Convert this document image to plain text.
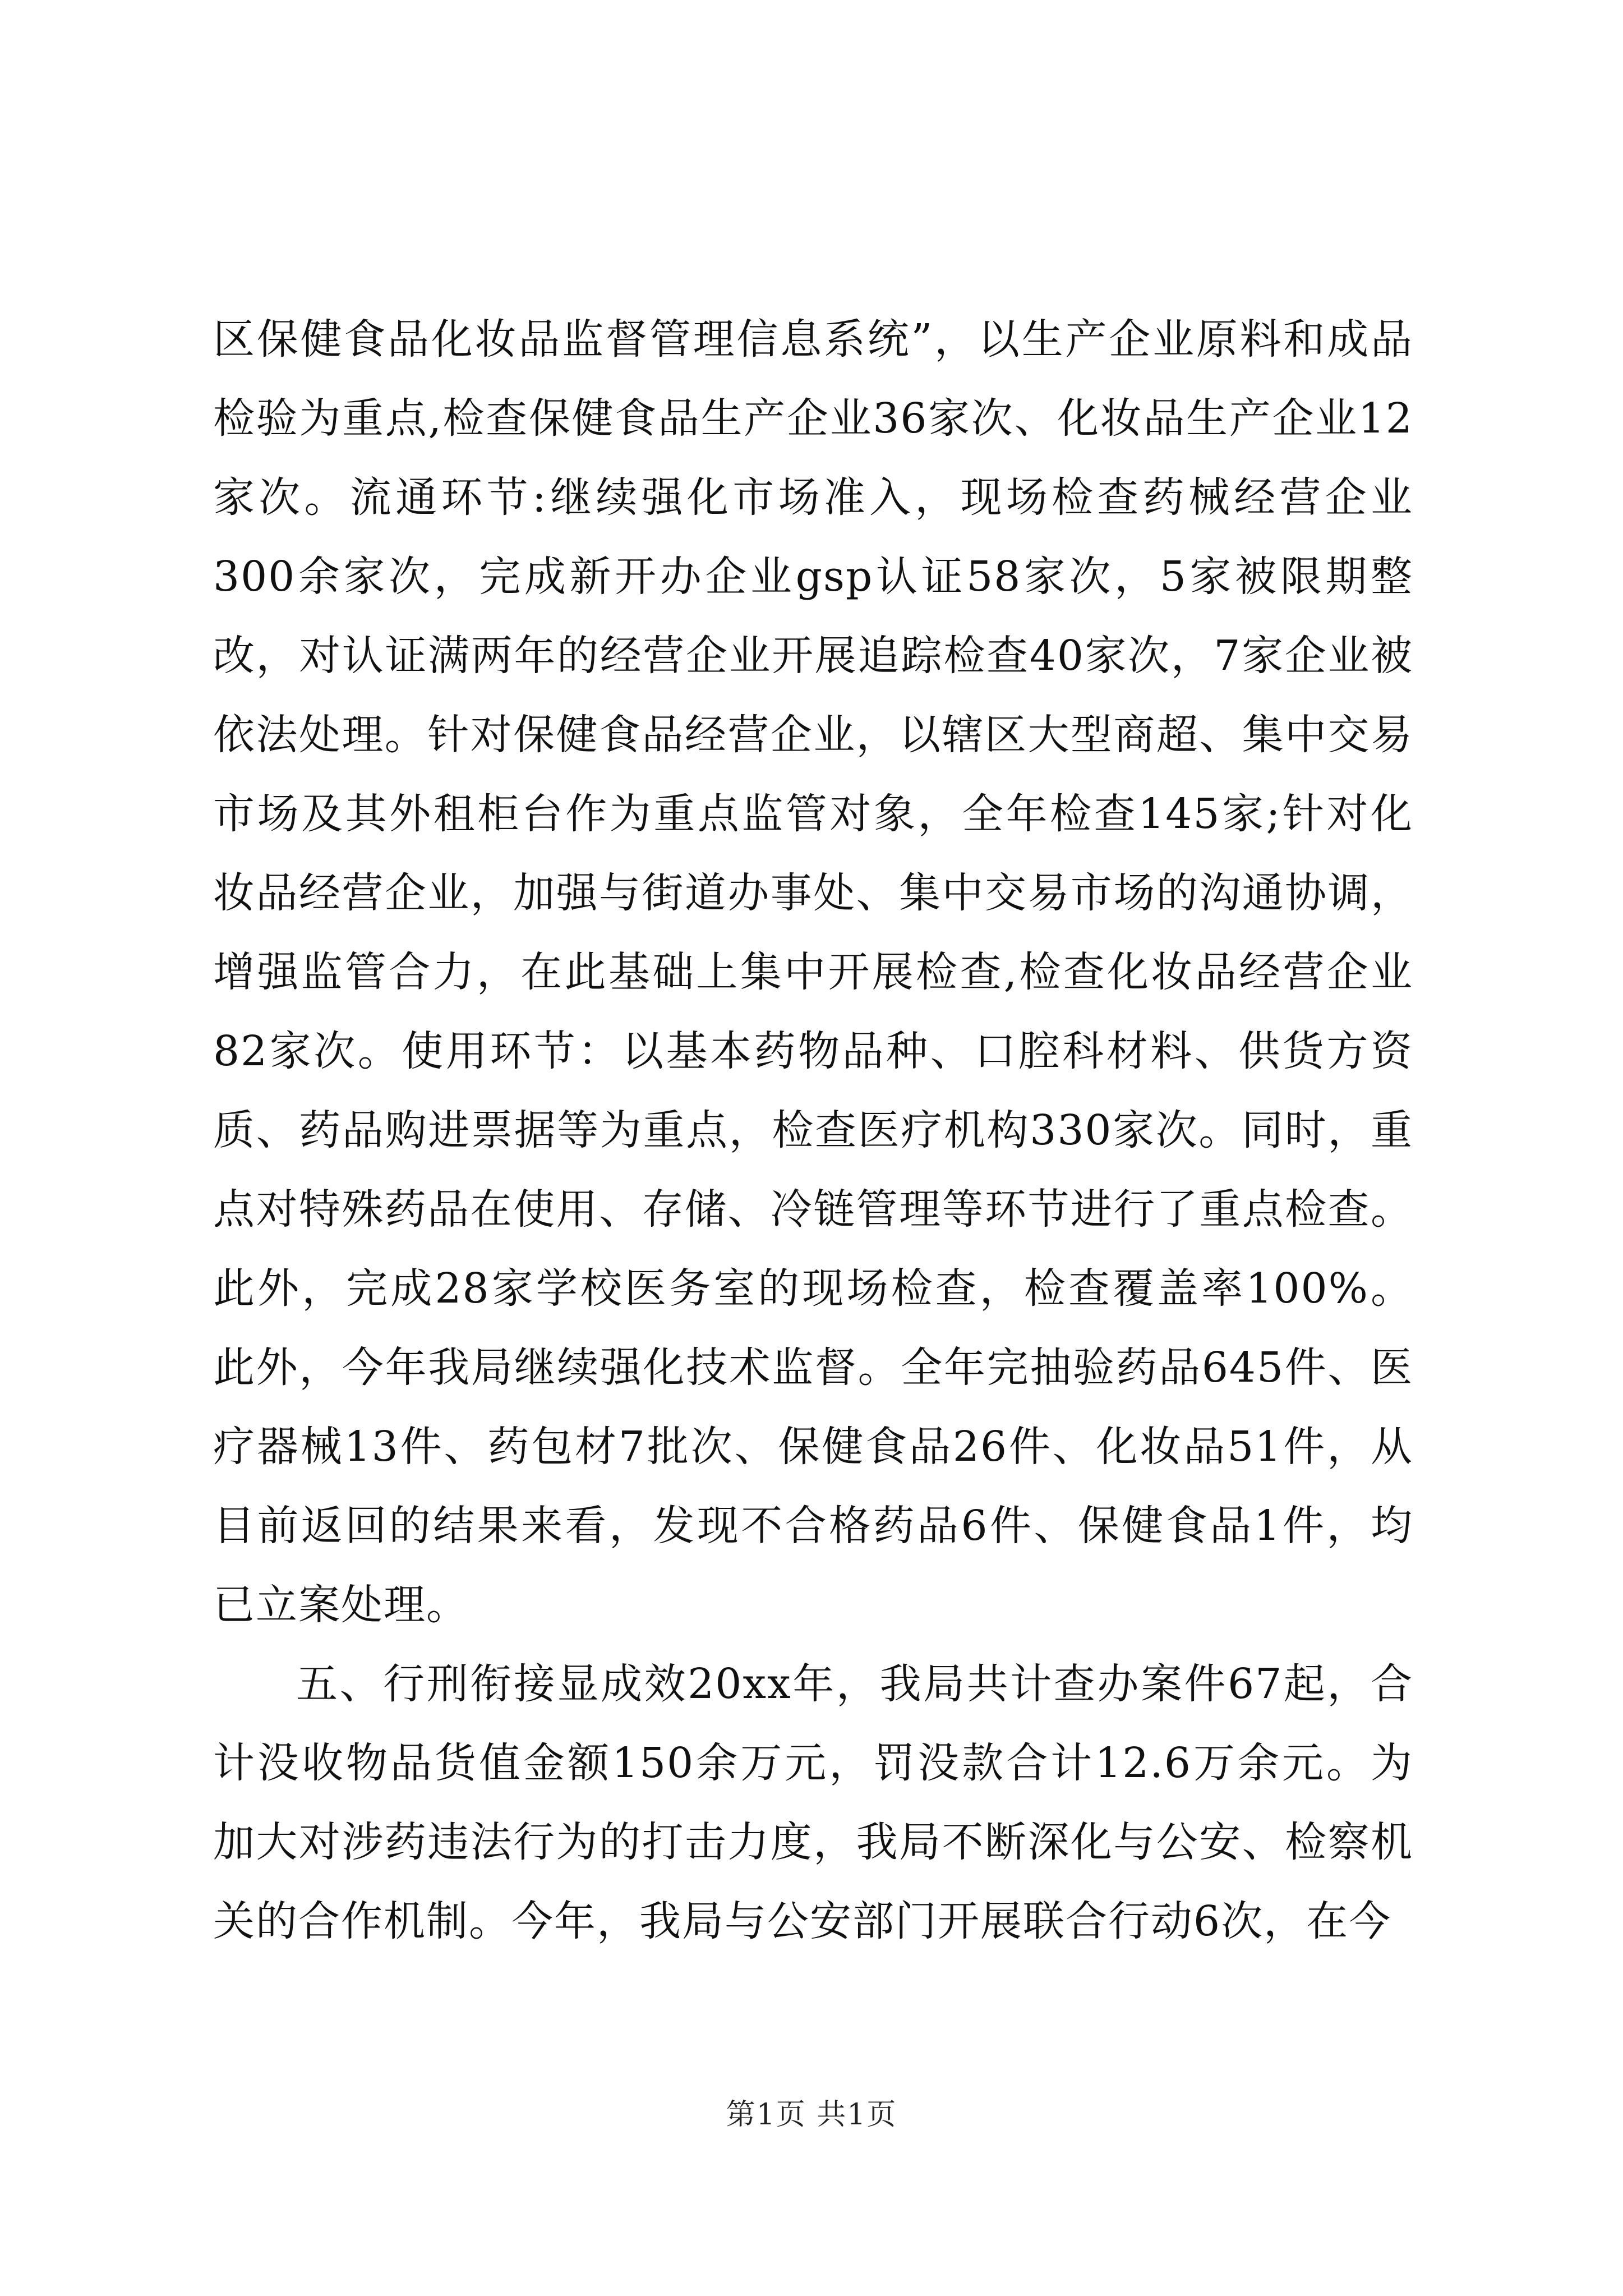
区保健食品化妆品监督管理信息系统”，以生产企业原料和成品检验为重点,检查保健食品生产企业36家次、化妆品生产企业12家次。流通环节:继续强化市场准入，现场检查药械经营企业300余家次，完成新开办企业gsp认证58家次，5家被限期整改，对认证满两年的经营企业开展追踪检查40家次，7家企业被依法处理。针对保健食品经营企业，以辖区大型商超、集中交易市场及其外租柜台作为重点监管对象，全年检查145家;针对化妆品经营企业，加强与街道办事处、集中交易市场的沟通协调，增强监管合力，在此基础上集中开展检查,检查化妆品经营企业82家次。使用环节：以基本药物品种、口腔科材料、供货方资质、药品购进票据等为重点，检查医疗机构330家次。同时，重点对特殊药品在使用、存储、冷链管理等环节进行了重点检查。此外，完成28家学校医务室的现场检查，检查覆盖率100%。此外，今年我局继续强化技术监督。全年完抽验药品645件、医疗器械13件、药包材7批次、保健食品26件、化妆品51件，从目前返回的结果来看，发现不合格药品6件、保健食品1件，均已立案处理。

五、行刑衔接显成效20xx年，我局共计查办案件67起，合计没收物品货值金额150余万元，罚没款合计12.6万余元。为加大对涉药违法行为的打击力度，我局不断深化与公安、检察机关的合作机制。今年，我局与公安部门开展联合行动6次，在今

第1页 共1页
